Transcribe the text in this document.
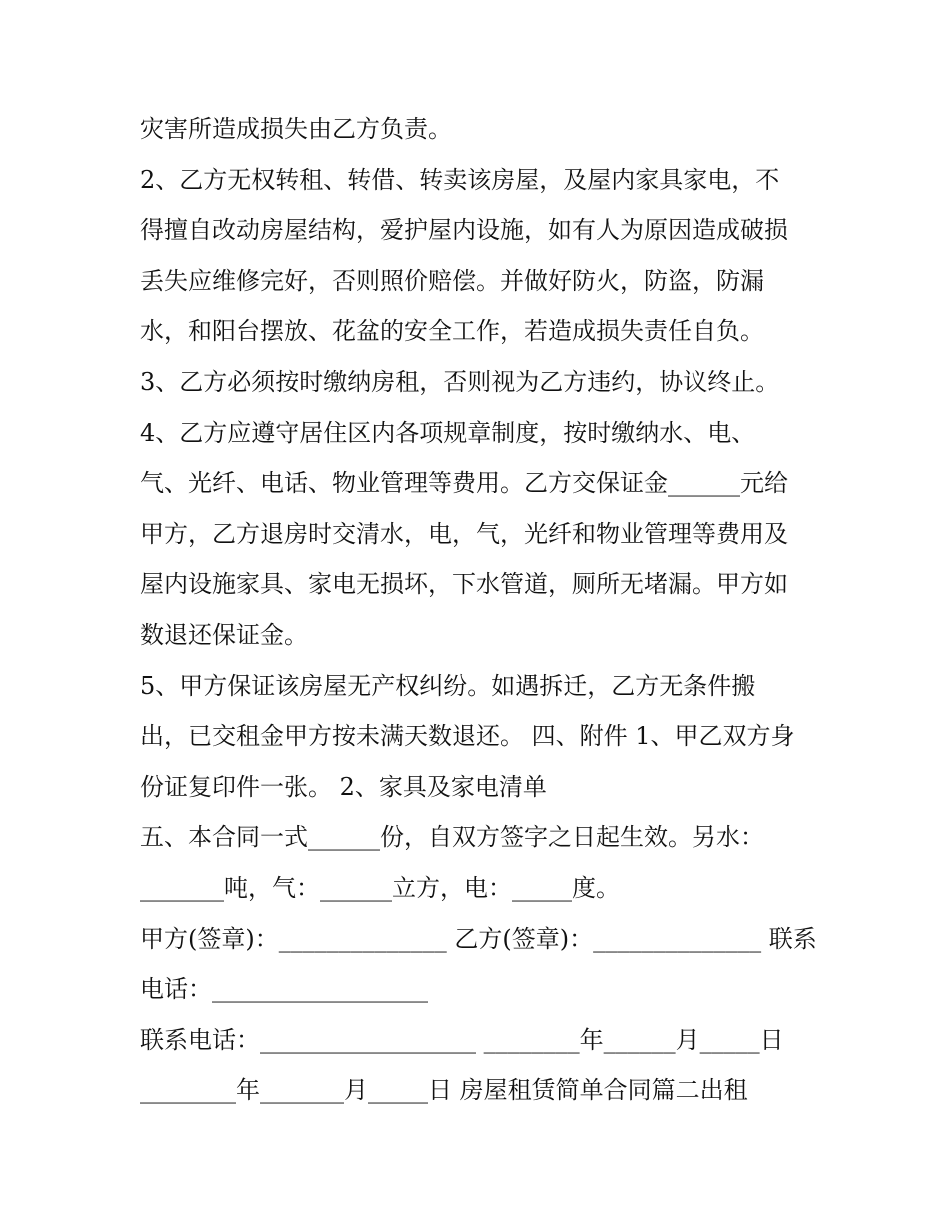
灾害所造成损失由乙方负责。
2、乙方无权转租、转借、转卖该房屋，及屋内家具家电，不
得擅自改动房屋结构，爱护屋内设施，如有人为原因造成破损
丢失应维修完好，否则照价赔偿。并做好防火，防盗，防漏
水，和阳台摆放、花盆的安全工作，若造成损失责任自负。
3、乙方必须按时缴纳房租，否则视为乙方违约，协议终止。
4、乙方应遵守居住区内各项规章制度，按时缴纳水、电、
气、光纤、电话、物业管理等费用。乙方交保证金______元给
甲方，乙方退房时交清水，电，气，光纤和物业管理等费用及
屋内设施家具、家电无损坏，下水管道，厕所无堵漏。甲方如
数退还保证金。
5、甲方保证该房屋无产权纠纷。如遇拆迁，乙方无条件搬
出，已交租金甲方按未满天数退还。 四、附件 1、甲乙双方身
份证复印件一张。 2、家具及家电清单
五、本合同一式______份，自双方签字之日起生效。另水：
_______吨，气：______立方，电：_____度。
甲方(签章)：______________ 乙方(签章)：______________ 联系
电话：__________________
联系电话：__________________ ________年______月_____日
________年_______月_____日 房屋租赁简单合同篇二出租
